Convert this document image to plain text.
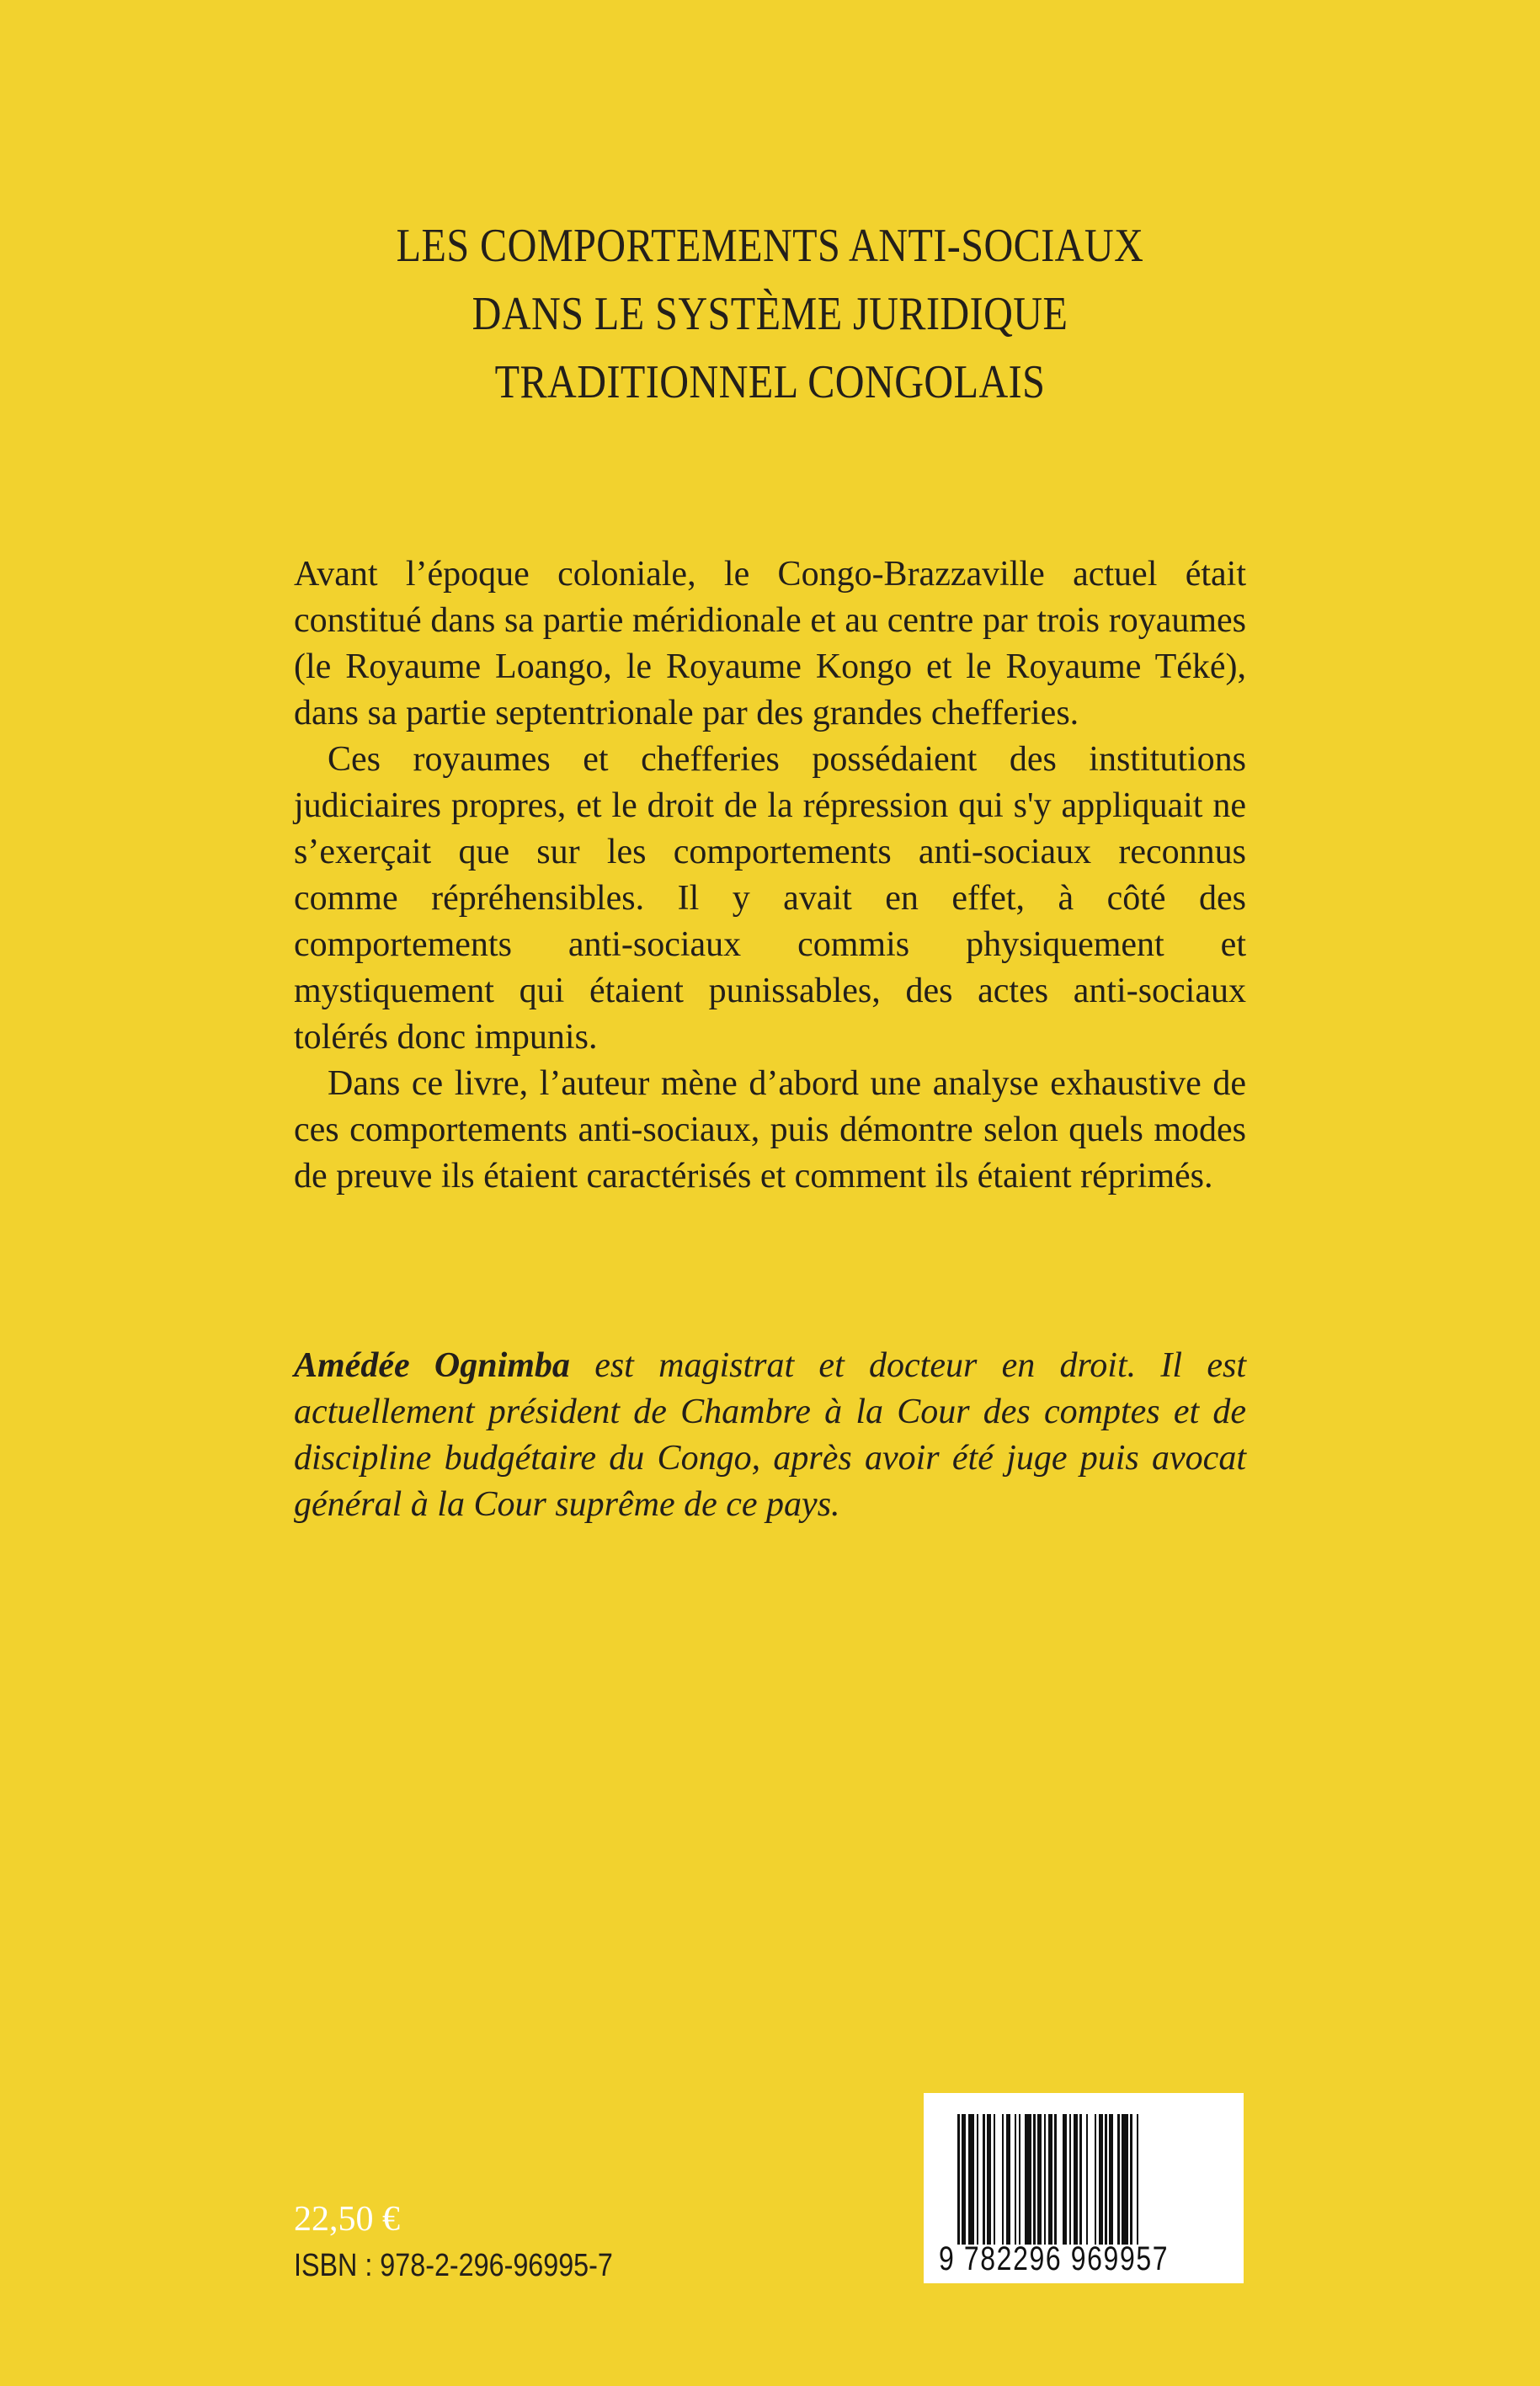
LES COMPORTEMENTS ANTI-SOCIAUX
DANS LE SYSTÈME JURIDIQUE
TRADITIONNEL CONGOLAIS

Avant l’époque coloniale, le Congo-Brazzaville actuel était constitué dans sa partie méridionale et au centre par trois royaumes (le Royaume Loango, le Royaume Kongo et le Royaume Téké), dans sa partie septentrionale par des grandes chefferies.

Ces royaumes et chefferies possédaient des institutions judiciaires propres, et le droit de la répression qui s'y appliquait ne s’exerçait que sur les comportements anti-sociaux reconnus comme répréhensibles. Il y avait en effet, à côté des comportements anti-sociaux commis physiquement et mystiquement qui étaient punissables, des actes anti-sociaux tolérés donc impunis.

Dans ce livre, l’auteur mène d’abord une analyse exhaustive de ces comportements anti-sociaux, puis démontre selon quels modes de preuve ils étaient caractérisés et comment ils étaient réprimés.

Amédée Ognimba est magistrat et docteur en droit. Il est actuellement président de Chambre à la Cour des comptes et de discipline budgétaire du Congo, après avoir été juge puis avocat général à la Cour suprême de ce pays.
22,50 €
ISBN : 978-2-296-96995-7	9 782296 969957
